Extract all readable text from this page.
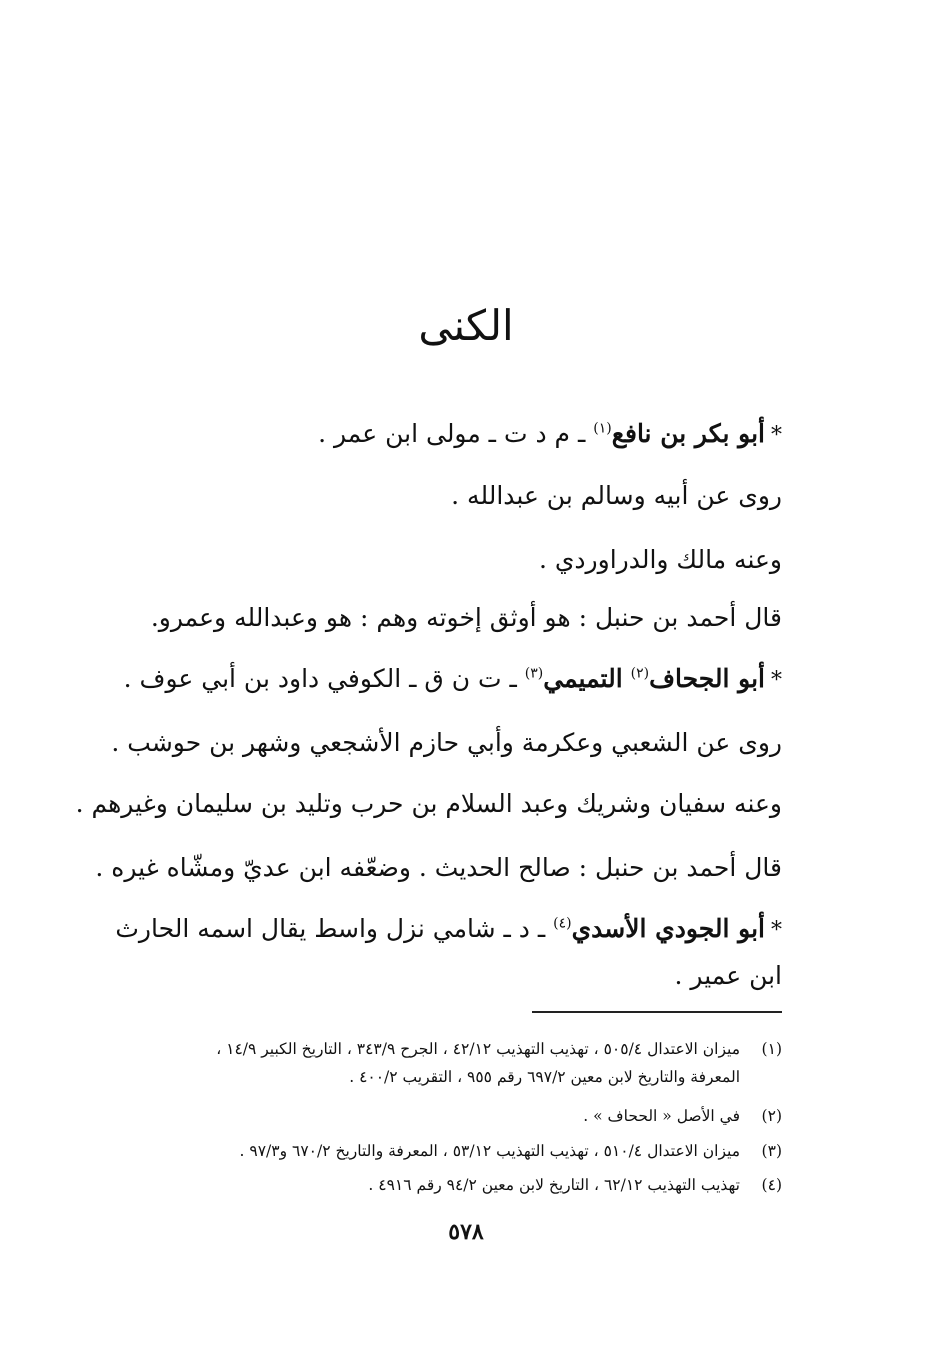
الكنى
*أبو بكر بن نافع$^{(١)}$ ـ م د ت ـ مولى ابن عمر .
روى عن أبيه وسالم بن عبدالله .
وعنه مالك والدراوردي .
قال أحمد بن حنبل : هو أوثق إخوته وهم : هو وعبدالله وعمرو.
*أبو الجحاف$^{(٢)}$ التميمي$^{(٣)}$ ـ ت ن ق ـ الكوفي داود بن أبي عوف .
روى عن الشعبي وعكرمة وأبي حازم الأشجعي وشهر بن حوشب .
وعنه سفيان وشريك وعبد السلام بن حرب وتليد بن سليمان وغيرهم .
قال أحمد بن حنبل : صالح الحديث . وضعّفه ابن عديّ ومشّاه غيره .
*أبو الجودي الأسدي$^{(٤)}$ ـ د ـ شامي نزل واسط يقال اسمه الحارث
ابن عمير .
(١)ميزان الاعتدال ٥٠٥/٤ ، تهذيب التهذيب ٤٢/١٢ ، الجرح ٣٤٣/٩ ، التاريخ الكبير ١٤/٩ ،
المعرفة والتاريخ لابن معين ٦٩٧/٢ رقم ٩٥٥ ، التقريب ٤٠٠/٢ .
(٢)في الأصل « الححاف » .
(٣)ميزان الاعتدال ٥١٠/٤ ، تهذيب التهذيب ٥٣/١٢ ، المعرفة والتاريخ ٦٧٠/٢ و٩٧/٣ .
(٤)تهذيب التهذيب ٦٢/١٢ ، التاريخ لابن معين ٩٤/٢ رقم ٤٩١٦ .
٥٧٨
